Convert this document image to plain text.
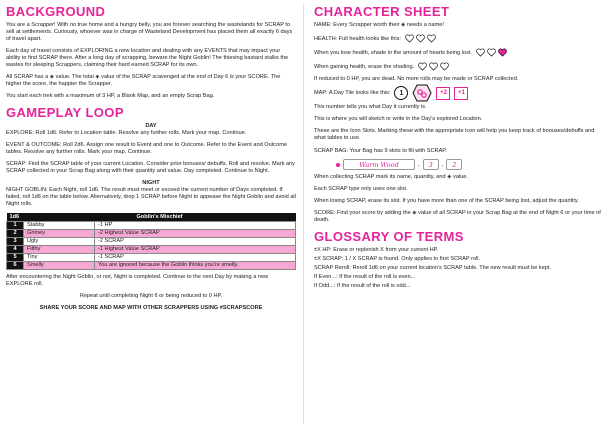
BACKGROUND

You are a Scrapper! With no true home and a hungry belly, you are forever searching the wastelands for SCRAP to sell at settlements. Curiously, whoever was in charge of Wasteland Development has placed them all exactly 6 days of travel apart.

Each day of travel consists of EXPLORING a new location and dealing with any EVENTS that may impact your ability to find SCRAP there. After a long day of scrapping, beware the Night Goblin! The thieving bastard stalks the wastes for sleeping Scrappers, claiming their hard earned SCRAP for its own.

All SCRAP has a ◈ value. The total ◈ value of the SCRAP scavenged at the end of Day 6 is your SCORE. The higher the score, the happier the Scrapper.

You start each trek with a maximum of 3 HP, a Blank Map, and an empty Scrap Bag.

GAMEPLAY LOOP
DAY

EXPLORE: Roll 1d6. Refer to Location table. Resolve any further rolls. Mark your map. Continue.

EVENT & OUTCOME: Roll 2d6. Assign one result to Event and one to Outcome. Refer to the Event and Outcome tables. Resolve any further rolls. Mark your map. Continue.

SCRAP: Find the SCRAP table of your current Location. Consider prior bonuses/ debuffs. Roll and resolve. Mark any SCRAP collected in your Scrap Bag along with their quantity and value. Day completed. Continue to Night.

NIGHT

NIGHT GOBLIN: Each Night, roll 1d6. The result must meet or exceed the current number of Days completed. If failed, roll 1d6 on the table below. Alternatively, drop 1 SCRAP before Night to appease the Night Goblin and avoid all Night rolls.

1d6	Goblin's Mischief	
1	Stabby	-1 HP
2	Grimey	-2 Highest Value SCRAP
3	Ugly	-2 SCRAP
4	Filthy	-1 Highest Value SCRAP
5	Tiny	-1 SCRAP
6	Smelly	You are ignored because the Goblin thinks you're smelly.

After encountering the Night Goblin, or not, Night is completed. Continue to the next Day by making a new EXPLORE roll.

Repeat until completing Night 6 or being reduced to 0 HP.

SHARE YOUR SCORE AND MAP WITH OTHER SCRAPPERS USING #SCRAPSCORE
CHARACTER SHEET

NAME: Every Scrapper worth their ◈ needs a name!

HEALTH: Full health looks like this:

When you lose health, shade in the amount of hearts being lost.

When gaining health, erase the shading.

If reduced to 0 HP, you are dead. No more rolls may be made or SCRAP collected.

MAP: A Day Tile looks like this:	1	+2	+1

This number tells you what Day it currently is.

This is where you will sketch or write in the Day's explored Location.

These are the Icon Slots. Marking these with the appropriate icon will help you keep track of bonuses/debuffs and what tables to use.

SCRAP BAG: Your Bag has 9 slots to fill with SCRAP.

Warm Wood	,	3	,	2

When collecting SCRAP mark its name, quantity, and ◈ value.

Each SCRAP type only uses one slot.

When losing SCRAP, erase its slot. If you have more than one of the SCRAP being lost, adjust the quantity.

SCORE: Find your score by adding the ◈ value of all SCRAP in your Scrap Bag at the end of Night 6 or your time of death.

GLOSSARY OF TERMS

±X HP: Erase or replenish X from your current HP.

±X SCRAP: 1 / X SCRAP is found. Only applies to first SCRAP roll.

SCRAP Reroll: Reroll 1d6 on your current location's SCRAP table. The new result must be kept.

If Even...: If the result of the roll is even...

If Odd...: If the result of the roll is odd...
